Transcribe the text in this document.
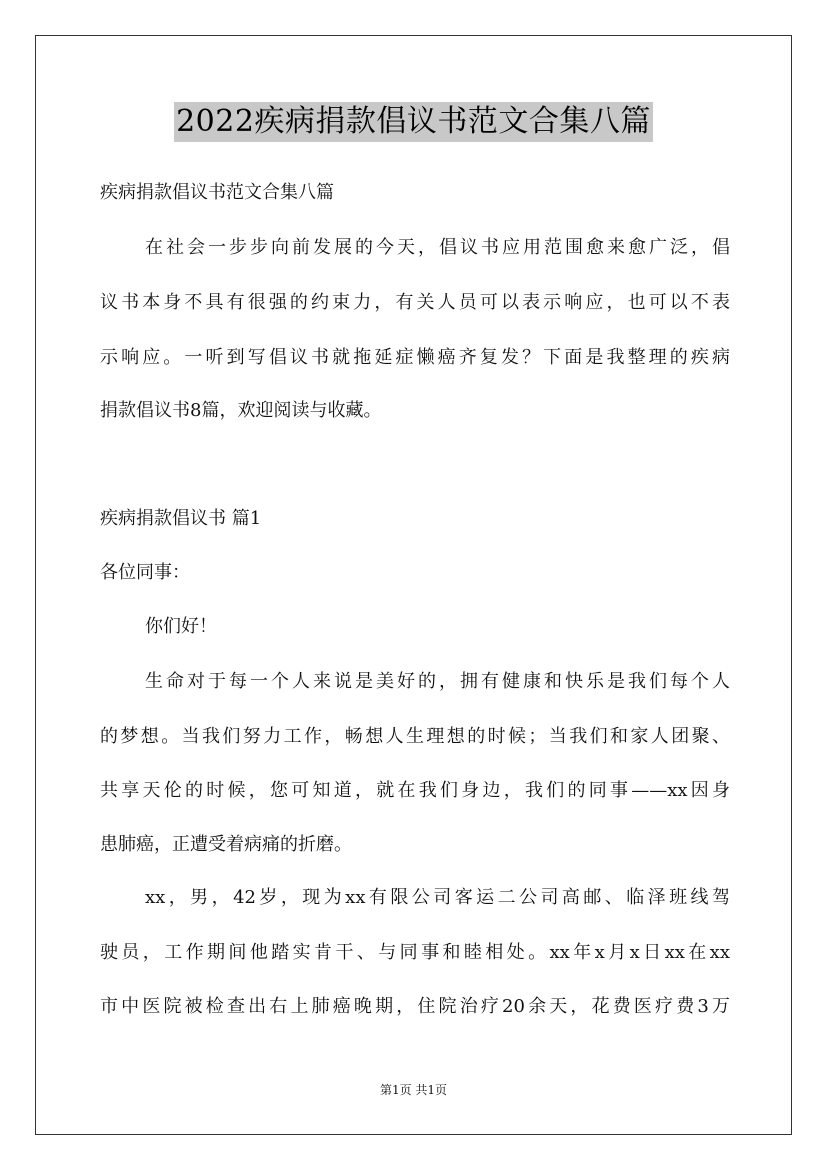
2022疾病捐款倡议书范文合集八篇
疾病捐款倡议书范文合集八篇
在社会一步步向前发展的今天，倡议书应用范围愈来愈广泛，倡
议书本身不具有很强的约束力，有关人员可以表示响应，也可以不表
示响应。一听到写倡议书就拖延症懒癌齐复发？下面是我整理的疾病
捐款倡议书8篇，欢迎阅读与收藏。
疾病捐款倡议书 篇1
各位同事：
你们好！
生命对于每一个人来说是美好的，拥有健康和快乐是我们每个人
的梦想。当我们努力工作，畅想人生理想的时候；当我们和家人团聚、
共享天伦的时候，您可知道，就在我们身边，我们的同事——xx因身
患肺癌，正遭受着病痛的折磨。
xx，男，42岁，现为xx有限公司客运二公司高邮、临泽班线驾
驶员，工作期间他踏实肯干、与同事和睦相处。xx年x月x日xx在xx
市中医院被检查出右上肺癌晚期，住院治疗20余天，花费医疗费3万
第1页 共1页
